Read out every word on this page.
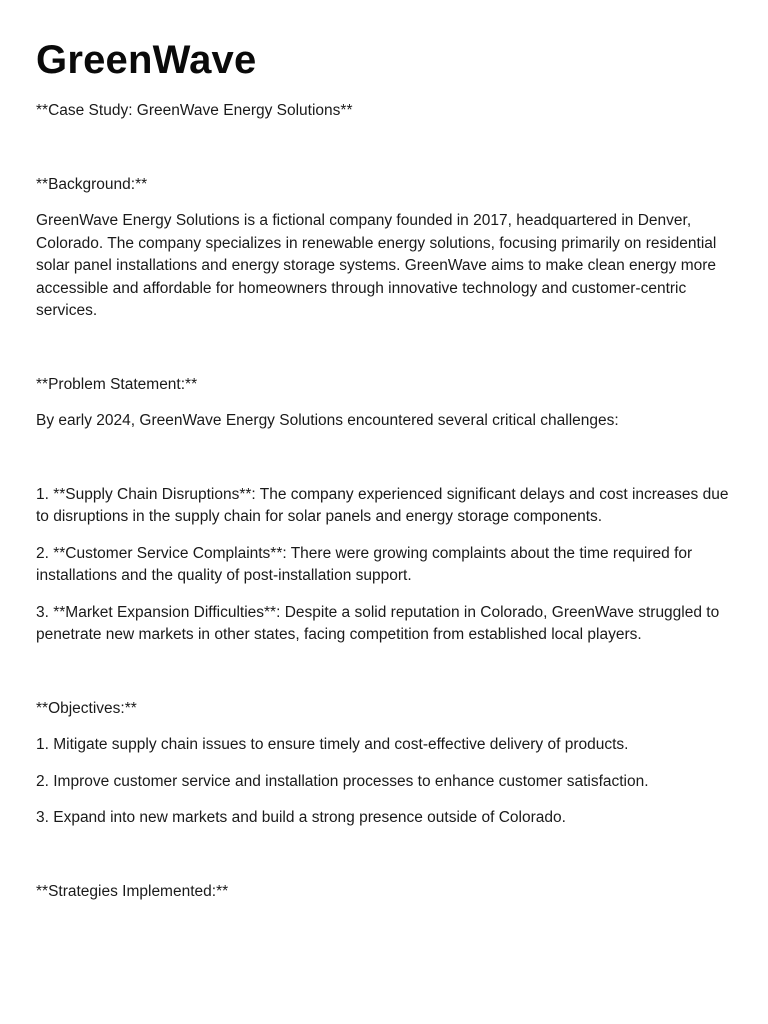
GreenWave

**Case Study: GreenWave Energy Solutions**

**Background:**

GreenWave Energy Solutions is a fictional company founded in 2017, headquartered in Denver, Colorado. The company specializes in renewable energy solutions, focusing primarily on residential solar panel installations and energy storage systems. GreenWave aims to make clean energy more accessible and affordable for homeowners through innovative technology and customer-centric services.

**Problem Statement:**

By early 2024, GreenWave Energy Solutions encountered several critical challenges:

1. **Supply Chain Disruptions**: The company experienced significant delays and cost increases due to disruptions in the supply chain for solar panels and energy storage components.

2. **Customer Service Complaints**: There were growing complaints about the time required for installations and the quality of post-installation support.

3. **Market Expansion Difficulties**: Despite a solid reputation in Colorado, GreenWave struggled to penetrate new markets in other states, facing competition from established local players.

**Objectives:**

1. Mitigate supply chain issues to ensure timely and cost-effective delivery of products.

2. Improve customer service and installation processes to enhance customer satisfaction.

3. Expand into new markets and build a strong presence outside of Colorado.

**Strategies Implemented:**
